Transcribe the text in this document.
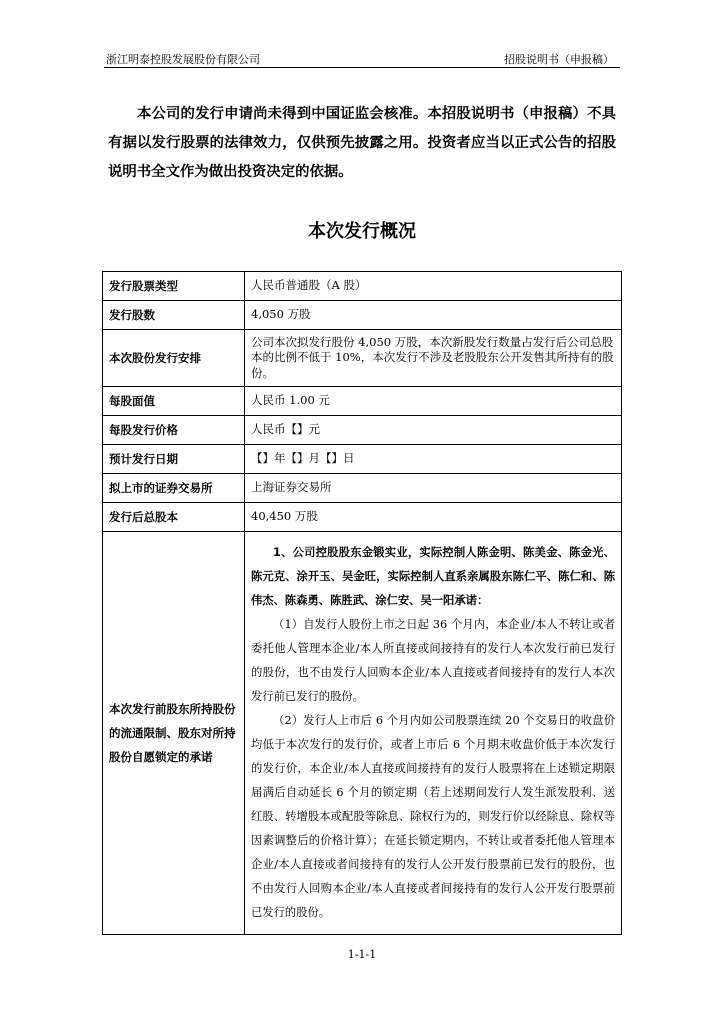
浙江明泰控股发展股份有限公司	招股说明书（申报稿）
本公司的发行申请尚未得到中国证监会核准。本招股说明书（申报稿）不具有据以发行股票的法律效力，仅供预先披露之用。投资者应当以正式公告的招股说明书全文作为做出投资决定的依据。
本次发行概况
发行股票类型	人民币普通股（A 股）
发行股数	4,050 万股
本次股份发行安排	公司本次拟发行股份 4,050 万股，本次新股发行数量占发行后公司总股本的比例不低于 10%，本次发行不涉及老股股东公开发售其所持有的股份。
每股面值	人民币 1.00 元
每股发行价格	人民币【】元
预计发行日期	【】年【】月【】日
拟上市的证券交易所	上海证券交易所
发行后总股本	40,450 万股
本次发行前股东所持股份的流通限制、股东对所持股份自愿锁定的承诺	1、公司控股股东金锻实业，实际控制人陈金明、陈美金、陈金光、陈元克、涂开玉、吴金旺，实际控制人直系亲属股东陈仁平、陈仁和、陈伟杰、陈森勇、陈胜武、涂仁安、吴一阳承诺：
（1）自发行人股份上市之日起 36 个月内，本企业/本人不转让或者委托他人管理本企业/本人所直接或间接持有的发行人本次发行前已发行的股份，也不由发行人回购本企业/本人直接或者间接持有的发行人本次发行前已发行的股份。
（2）发行人上市后 6 个月内如公司股票连续 20 个交易日的收盘价均低于本次发行的发行价，或者上市后 6 个月期末收盘价低于本次发行的发行价，本企业/本人直接或间接持有的发行人股票将在上述锁定期限届满后自动延长 6 个月的锁定期（若上述期间发行人发生派发股利、送红股、转增股本或配股等除息、除权行为的，则发行价以经除息、除权等因素调整后的价格计算）；在延长锁定期内，不转让或者委托他人管理本企业/本人直接或者间接持有的发行人公开发行股票前已发行的股份，也不由发行人回购本企业/本人直接或者间接持有的发行人公开发行股票前已发行的股份。
1-1-1
